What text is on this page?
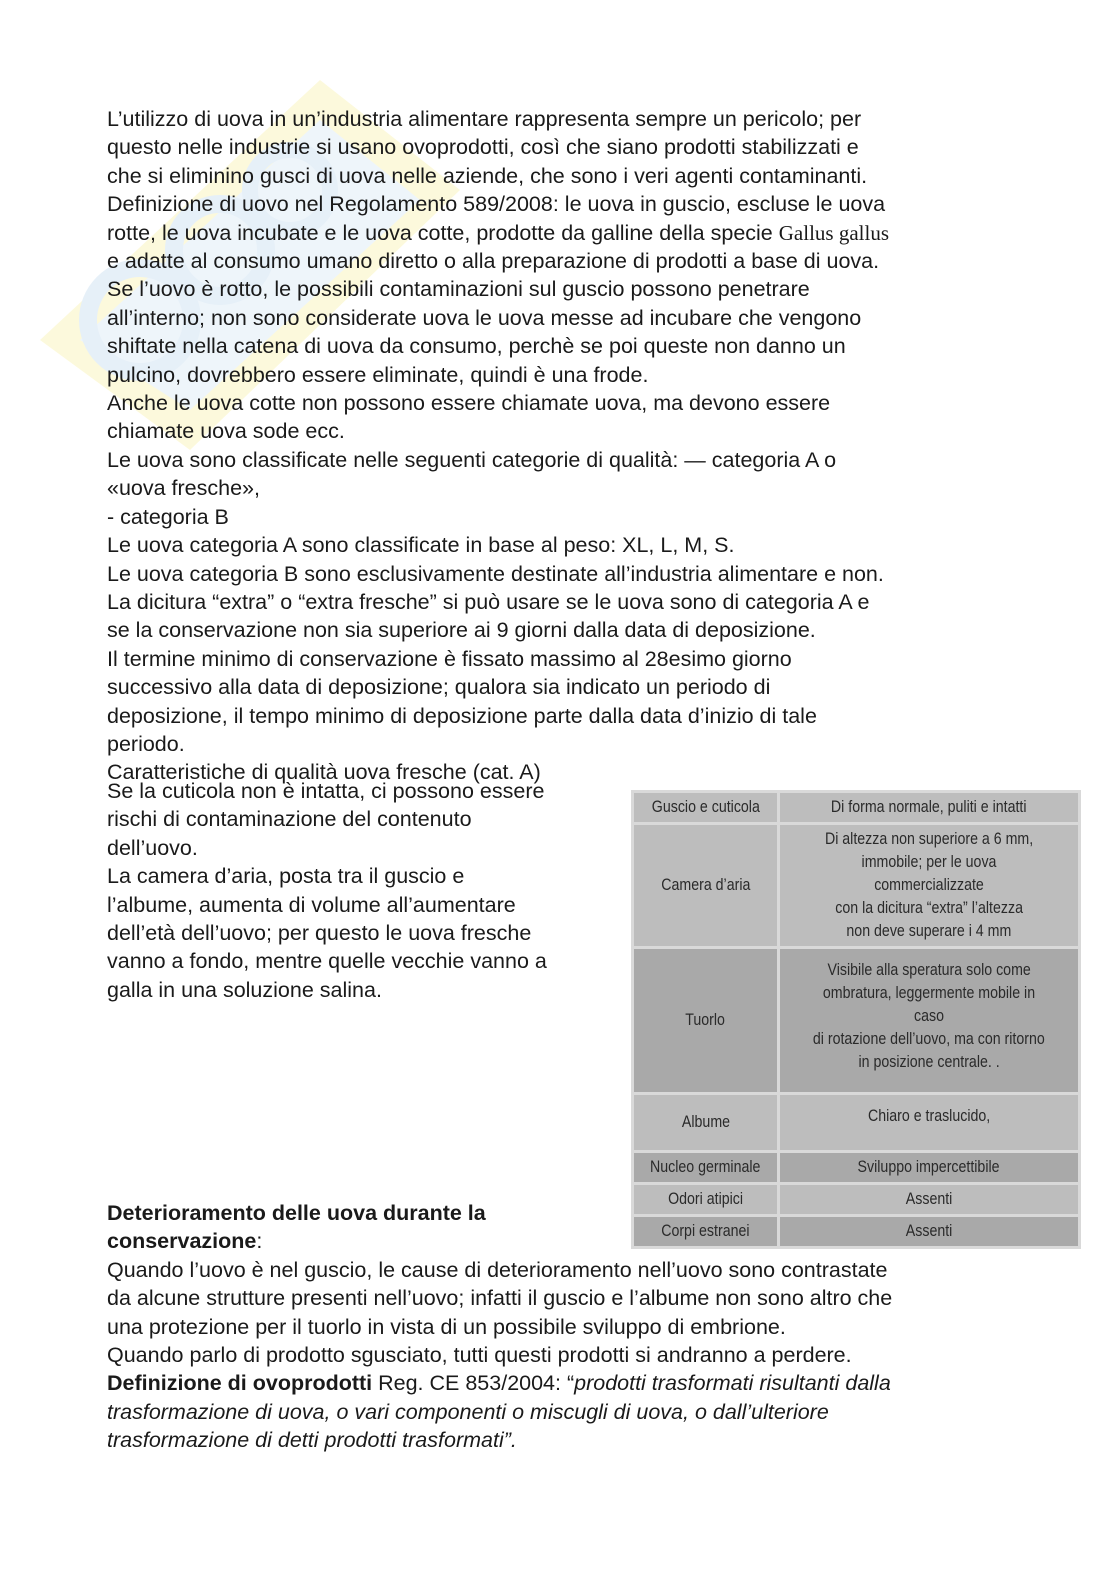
L’utilizzo di uova in un’industria alimentare rappresenta sempre un pericolo; per

questo nelle industrie si usano ovoprodotti, così che siano prodotti stabilizzati e

che si eliminino gusci di uova nelle aziende, che sono i veri agenti contaminanti.

Definizione di uovo nel Regolamento 589/2008: le uova in guscio, escluse le uova

rotte, le uova incubate e le uova cotte, prodotte da galline della specie Gallus gallus

e adatte al consumo umano diretto o alla preparazione di prodotti a base di uova.

Se l’uovo è rotto, le possibili contaminazioni sul guscio possono penetrare

all’interno; non sono considerate uova le uova messe ad incubare che vengono

shiftate nella catena di uova da consumo, perchè se poi queste non danno un

pulcino, dovrebbero essere eliminate, quindi è una frode.

Anche le uova cotte non possono essere chiamate uova, ma devono essere

chiamate uova sode ecc.

Le uova sono classificate nelle seguenti categorie di qualità: — categoria A o

«uova fresche»,

- categoria B

Le uova categoria A sono classificate in base al peso: XL, L, M, S.

Le uova categoria B sono esclusivamente destinate all’industria alimentare e non.

La dicitura “extra” o “extra fresche” si può usare se le uova sono di categoria A e

se la conservazione non sia superiore ai 9 giorni dalla data di deposizione.

Il termine minimo di conservazione è fissato massimo al 28esimo giorno

successivo alla data di deposizione; qualora sia indicato un periodo di

deposizione, il tempo minimo di deposizione parte dalla data d’inizio di tale

periodo.

Caratteristiche di qualità uova fresche (cat. A)

Se la cuticola non è intatta, ci possono essere

rischi di contaminazione del contenuto

dell’uovo.

La camera d’aria, posta tra il guscio e

l’albume, aumenta di volume all’aumentare

dell’età dell’uovo; per questo le uova fresche

vanno a fondo, mentre quelle vecchie vanno a

galla in una soluzione salina.

Guscio e cuticola	Di forma normale, puliti e intatti
Camera d’aria	Di altezza non superiore a 6 mm,
immobile; per le uova commercializzate
con la dicitura “extra” l’altezza
non deve superare i 4 mm
Tuorlo	Visibile alla speratura solo come
ombratura, leggermente mobile in caso
di rotazione dell’uovo, ma con ritorno
in posizione centrale. .
Albume	Chiaro e traslucido,
Nucleo germinale	Sviluppo impercettibile
Odori atipici	Assenti
Corpi estranei	Assenti

Deterioramento delle uova durante la

conservazione:

Quando l’uovo è nel guscio, le cause di deterioramento nell’uovo sono contrastate

da alcune strutture presenti nell’uovo; infatti il guscio e l’albume non sono altro che

una protezione per il tuorlo in vista di un possibile sviluppo di embrione.

Quando parlo di prodotto sgusciato, tutti questi prodotti si andranno a perdere.

Definizione di ovoprodotti Reg. CE 853/2004: “prodotti trasformati risultanti dalla

trasformazione di uova, o vari componenti o miscugli di uova, o dall’ulteriore

trasformazione di detti prodotti trasformati”.
